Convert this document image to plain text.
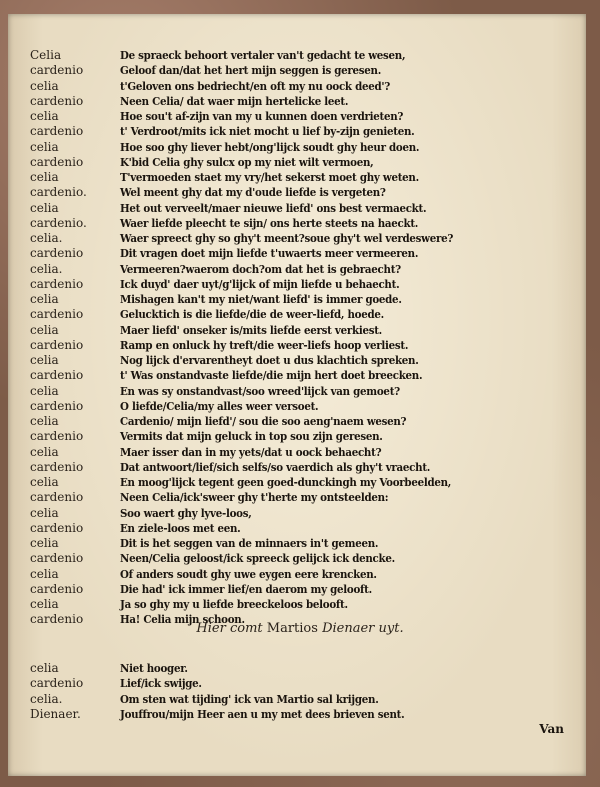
Celia	De spraeck behoort vertaler van't gedacht te wesen,
cardenio	Geloof dan/dat het hert mijn seggen is geresen.
celia	t'Geloven ons bedriecht/en oft my nu oock deed'?
cardenio	Neen Celia/ dat waer mijn hertelicke leet.
celia	Hoe sou't af-zijn van my u kunnen doen verdrieten?
cardenio	t' Verdroot/mits ick niet mocht u lief by-zijn genieten.
celia	Hoe soo ghy liever hebt/ong'lijck soudt ghy heur doen.
cardenio	K'bid Celia ghy sulcx op my niet wilt vermoen,
celia	T'vermoeden staet my vry/het sekerst moet ghy weten.
cardenio.	Wel meent ghy dat my d'oude liefde is vergeten?
celia	Het out verveelt/maer nieuwe liefd' ons best vermaeckt.
cardenio.	Waer liefde pleecht te sijn/ ons herte steets na haeckt.
celia.	Waer spreect ghy so ghy't meent?soue ghy't wel verdeswere?
cardenio	Dit vragen doet mijn liefde t'uwaerts meer vermeeren.
celia.	Vermeeren?waerom doch?om dat het is gebraecht?
cardenio	Ick duyd' daer uyt/g'lijck of mijn liefde u behaecht.
celia	Mishagen kan't my niet/want liefd' is immer goede.
cardenio	Gelucktich is die liefde/die de weer-liefd, hoede.
celia	Maer liefd' onseker is/mits liefde eerst verkiest.
cardenio	Ramp en onluck hy treft/die weer-liefs hoop verliest.
celia	Nog lijck d'ervarentheyt doet u dus klachtich spreken.
cardenio	t' Was onstandvaste liefde/die mijn hert doet breecken.
celia	En was sy onstandvast/soo wreed'lijck van gemoet?
cardenio	O liefde/Celia/my alles weer versoet.
celia	Cardenio/ mijn liefd'/ sou die soo aeng'naem wesen?
cardenio	Vermits dat mijn geluck in top sou zijn geresen.
celia	Maer isser dan in my yets/dat u oock behaecht?
cardenio	Dat antwoort/lief/sich selfs/so vaerdich als ghy't vraecht.
celia	En moog'lijck tegent geen goed-dunckingh my Voorbeelden,
cardenio	Neen Celia/ick'sweer ghy t'herte my ontsteelden:
celia	Soo waert ghy lyve-loos,
cardenio	En ziele-loos met een.
celia	Dit is het seggen van de minnaers in't gemeen.
cardenio	Neen/Celia geloost/ick spreeck gelijck ick dencke.
celia	Of anders soudt ghy uwe eygen eere krencken.
cardenio	Die had' ick immer lief/en daerom my gelooft.
celia	Ja so ghy my u liefde breeckeloos belooft.
cardenio	Ha! Celia mijn schoon.
Hier comt Martios Dienaer uyt.
celia	Niet hooger.
cardenio	Lief/ick swijge.
celia.	Om sten wat tijding' ick van Martio sal krijgen.
Dienaer.	Jouffrou/mijn Heer aen u my met dees brieven sent.
Van
